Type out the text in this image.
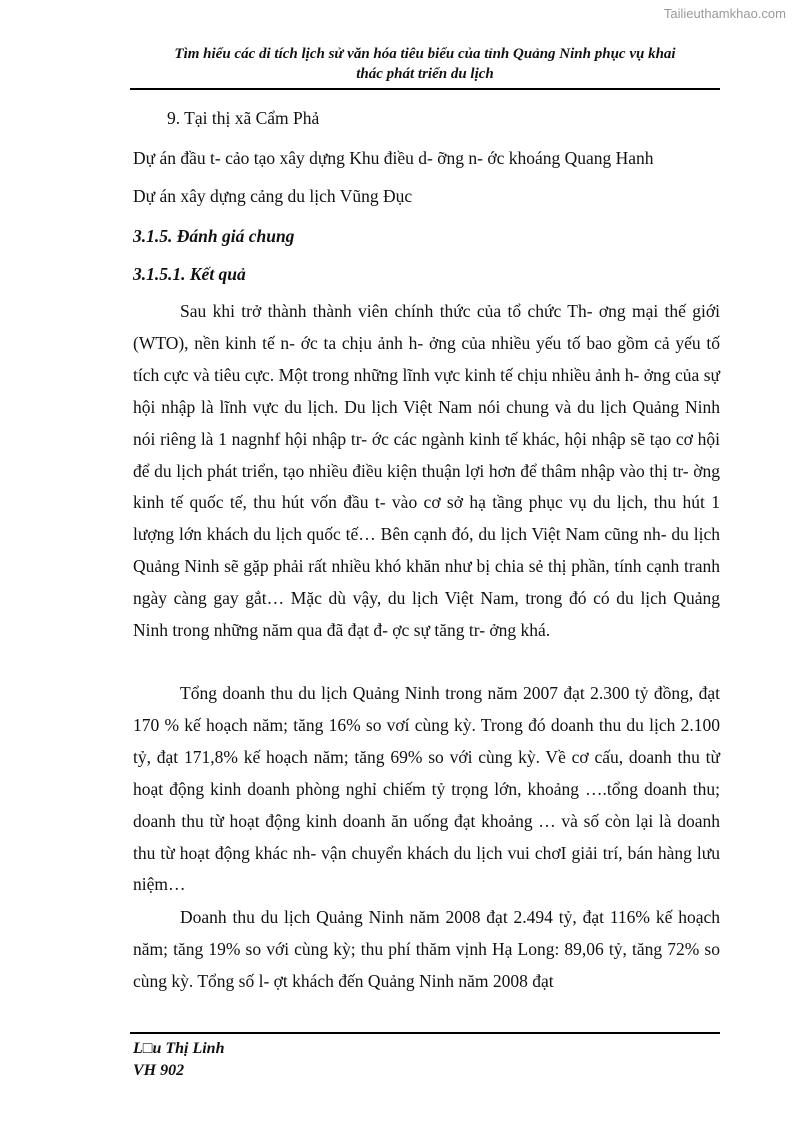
Tailieuthamkhao.com
Tìm hiểu các di tích lịch sử văn hóa tiêu biểu của tỉnh Quảng Ninh phục vụ khai
thác phát triển du lịch
9. Tại thị xã Cẩm Phả
Dự án đầu t- cảo tạo xây dựng Khu điều d- ỡng n- ớc khoáng Quang Hanh
Dự án xây dựng cảng du lịch Vũng Đục
3.1.5. Đánh giá chung
3.1.5.1. Kết quả
Sau khi trở thành thành viên chính thức của tổ chức Th- ơng mại thế giới (WTO), nền kinh tế n- ớc ta chịu ảnh h- ởng của nhiều yếu tố bao gồm cả yếu tố tích cực và tiêu cực. Một trong những lĩnh vực kinh tế chịu nhiều ảnh h- ởng của sự hội nhập là lĩnh vực du lịch. Du lịch Việt Nam nói chung và du lịch Quảng Ninh nói riêng là 1 nagnhf hội nhập tr- ớc các ngành kinh tế khác, hội nhập sẽ tạo cơ hội để du lịch phát triển, tạo nhiều điều kiện thuận lợi hơn để thâm nhập vào thị tr- ờng kinh tế quốc tế, thu hút vốn đầu t- vào cơ sở hạ tầng phục vụ du lịch, thu hút 1 lượng lớn khách du lịch quốc tế… Bên cạnh đó, du lịch Việt Nam cũng nh- du lịch Quảng Ninh sẽ gặp phải rất nhiều khó khăn như bị chia sẻ thị phần, tính cạnh tranh ngày càng gay gắt… Mặc dù vậy, du lịch Việt Nam, trong đó có du lịch Quảng Ninh trong những năm qua đã đạt đ- ợc sự tăng tr- ởng khá.
Tổng doanh thu du lịch Quảng Ninh trong năm 2007 đạt 2.300 tỷ đồng, đạt 170 % kế hoạch năm; tăng 16% so vơí cùng kỳ. Trong đó doanh thu du lịch 2.100 tỷ, đạt 171,8% kế hoạch năm; tăng 69% so với cùng kỳ. Về cơ cấu, doanh thu từ hoạt động kinh doanh phòng nghỉ chiếm tỷ trọng lớn, khoảng ….tổng doanh thu; doanh thu từ hoạt động kinh doanh ăn uống đạt khoảng … và số còn lại là doanh thu từ hoạt động khác nh- vận chuyển khách du lịch vui chơI giải trí, bán hàng lưu niệm…
Doanh thu du lịch Quảng Ninh năm 2008 đạt 2.494 tỷ, đạt 116% kế hoạch năm; tăng 19% so với cùng kỳ; thu phí thăm vịnh Hạ Long: 89,06 tỷ, tăng 72% so cùng kỳ. Tổng số l- ợt khách đến Quảng Ninh năm 2008 đạt
L□u Thị Linh
VH 902
